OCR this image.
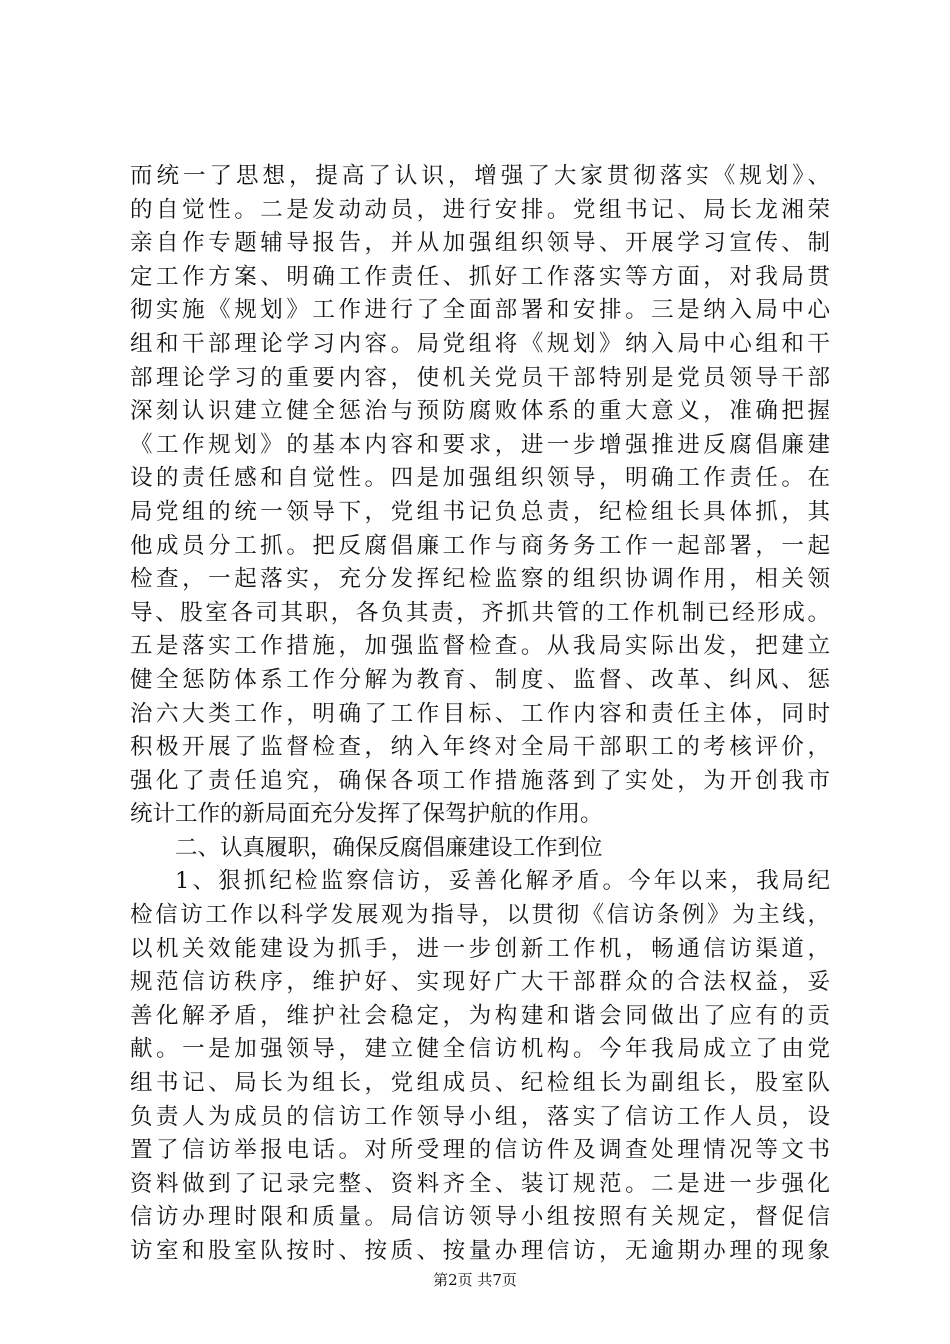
而统一了思想，提高了认识，增强了大家贯彻落实《规划》、
的自觉性。二是发动动员，进行安排。党组书记、局长龙湘荣
亲自作专题辅导报告，并从加强组织领导、开展学习宣传、制
定工作方案、明确工作责任、抓好工作落实等方面，对我局贯
彻实施《规划》工作进行了全面部署和安排。三是纳入局中心
组和干部理论学习内容。局党组将《规划》纳入局中心组和干
部理论学习的重要内容，使机关党员干部特别是党员领导干部
深刻认识建立健全惩治与预防腐败体系的重大意义，准确把握
《工作规划》的基本内容和要求，进一步增强推进反腐倡廉建
设的责任感和自觉性。四是加强组织领导，明确工作责任。在
局党组的统一领导下，党组书记负总责，纪检组长具体抓，其
他成员分工抓。把反腐倡廉工作与商务务工作一起部署，一起
检查，一起落实，充分发挥纪检监察的组织协调作用，相关领
导、股室各司其职，各负其责，齐抓共管的工作机制已经形成。
五是落实工作措施，加强监督检查。从我局实际出发，把建立
健全惩防体系工作分解为教育、制度、监督、改革、纠风、惩
治六大类工作，明确了工作目标、工作内容和责任主体，同时
积极开展了监督检查，纳入年终对全局干部职工的考核评价，
强化了责任追究，确保各项工作措施落到了实处，为开创我市
统计工作的新局面充分发挥了保驾护航的作用。
二、认真履职，确保反腐倡廉建设工作到位
1、狠抓纪检监察信访，妥善化解矛盾。今年以来，我局纪
检信访工作以科学发展观为指导，以贯彻《信访条例》为主线，
以机关效能建设为抓手，进一步创新工作机，畅通信访渠道，
规范信访秩序，维护好、实现好广大干部群众的合法权益，妥
善化解矛盾，维护社会稳定，为构建和谐会同做出了应有的贡
献。一是加强领导，建立健全信访机构。今年我局成立了由党
组书记、局长为组长，党组成员、纪检组长为副组长，股室队
负责人为成员的信访工作领导小组，落实了信访工作人员，设
置了信访举报电话。对所受理的信访件及调查处理情况等文书
资料做到了记录完整、资料齐全、装订规范。二是进一步强化
信访办理时限和质量。局信访领导小组按照有关规定，督促信
访室和股室队按时、按质、按量办理信访，无逾期办理的现象
第2页 共7页
